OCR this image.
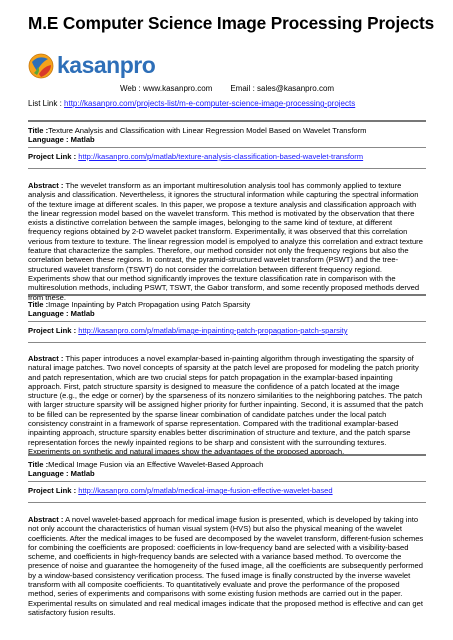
M.E Computer Science Image Processing Projects
kasanpro
Web : www.kasanpro.com Email : sales@kasanpro.com
List Link : http://kasanpro.com/projects-list/m-e-computer-science-image-processing-projects
Title :Texture Analysis and Classification with Linear Regression Model Based on Wavelet Transform
Language : Matlab
Project Link : http://kasanpro.com/p/matlab/texture-analysis-classification-based-wavelet-transform
Abstract : The wevelet transform as an important multiresolution analysis tool has commonly applied to texture analysis and classification. Nevertheless, it ignores the structural information while capturing the spectral information of the texture image at different scales. In this paper, we propose a texture analysis and classification approach with the linear regression model based on the wavelet transform. This method is motivated by the observation that there exists a distinctive correlation between the sample images, belonging to the same kind of texture, at different frequency regions obtained by 2-D wavelet packet transform. Experimentally, it was observed that this correlation verious from texture to texture. The linear regression model is empolyed to analyze this correlation and extract texture feature that characterize the samples. Therefore, our method consider not only the frequency regions but also the correlation between these regions. In contrast, the pyramid-structured wavelet transform (PSWT) and the tree-structured wavelet transform (TSWT) do not consider the correlation between different frequency regiond. Experiments show that our method significantly improves the texture classification rate in comparison with the multiresolution methods, including PSWT, TSWT, the Gabor transform, and some recently proposed methods derved from these.
Title :Image Inpainting by Patch Propagation using Patch Sparsity
Language : Matlab
Project Link : http://kasanpro.com/p/matlab/image-inpainting-patch-propagation-patch-sparsity
Abstract : This paper introduces a novel examplar-based in-painting algorithm through investigating the sparsity of natural image patches. Two novel concepts of sparsity at the patch level are proposed for modeling the patch priority and patch representation, which are two crucial steps for patch propagation in the examplar-based inpainting approach. First, patch structure sparsity is designed to measure the confidence of a patch located at the image structure (e.g., the edge or corner) by the sparseness of its nonzero similarities to the neighboring patches. The patch with larger structure sparsity will be assigned higher priority for further inpainting. Second, it is assumed that the patch to be filled can be represented by the sparse linear combination of candidate patches under the local patch consistency constraint in a framework of sparse representation. Compared with the traditional examplar-based inpainting approach, structure sparsity enables better discrimination of structure and texture, and the patch sparse representation forces the newly inpainted regions to be sharp and consistent with the surrounding textures. Experiments on synthetic and natural images show the advantages of the proposed approach.
Title :Medical Image Fusion via an Effective Wavelet-Based Approach
Language : Matlab
Project Link : http://kasanpro.com/p/matlab/medical-image-fusion-effective-wavelet-based
Abstract : A novel wavelet-based approach for medical image fusion is presented, which is developed by taking into not only account the characteristics of human visual system (HVS) but also the physical meaning of the wavelet coefficients. After the medical images to be fused are decomposed by the wavelet transform, different-fusion schemes for combining the coefficients are proposed: coefficients in low-frequency band are selected with a visibility-based scheme, and coefficients in high-frequency bands are selected with a variance based method. To overcome the presence of noise and guarantee the homogeneity of the fused image, all the coefficients are subsequently performed by a window-based consistency verification process. The fused image is finally constructed by the inverse wavelet transform with all composite coefficients. To quantitatively evaluate and prove the performance of the proposed method, series of experiments and comparisons with some existing fusion methods are carried out in the paper. Experimental results on simulated and real medical images indicate that the proposed method is effective and can get satisfactory fusion results.
